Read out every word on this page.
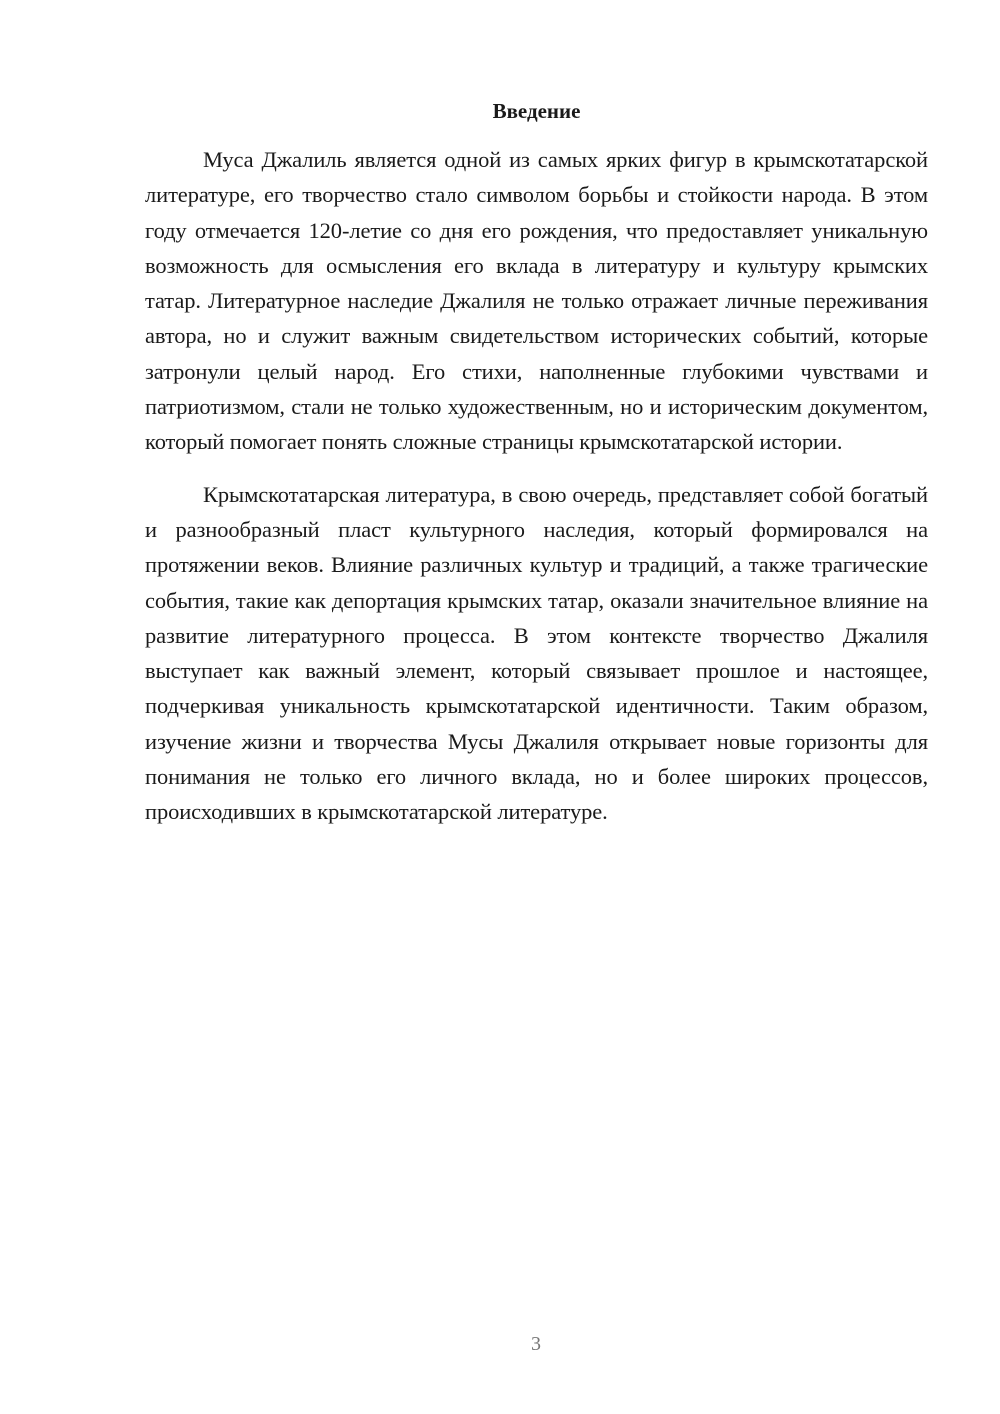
Введение

Муса Джалиль является одной из самых ярких фигур в крымскотатарской литературе, его творчество стало символом борьбы и стойкости народа. В этом году отмечается 120-летие со дня его рождения, что предоставляет уникальную возможность для осмысления его вклада в литературу и культуру крымских татар. Литературное наследие Джалиля не только отражает личные переживания автора, но и служит важным свидетельством исторических событий, которые затронули целый народ. Его стихи, наполненные глубокими чувствами и патриотизмом, стали не только художественным, но и историческим документом, который помогает понять сложные страницы крымскотатарской истории.

Крымскотатарская литература, в свою очередь, представляет собой богатый и разнообразный пласт культурного наследия, который формировался на протяжении веков. Влияние различных культур и традиций, а также трагические события, такие как депортация крымских татар, оказали значительное влияние на развитие литературного процесса. В этом контексте творчество Джалиля выступает как важный элемент, который связывает прошлое и настоящее, подчеркивая уникальность крымскотатарской идентичности. Таким образом, изучение жизни и творчества Мусы Джалиля открывает новые горизонты для понимания не только его личного вклада, но и более широких процессов, происходивших в крымскотатарской литературе.

3
